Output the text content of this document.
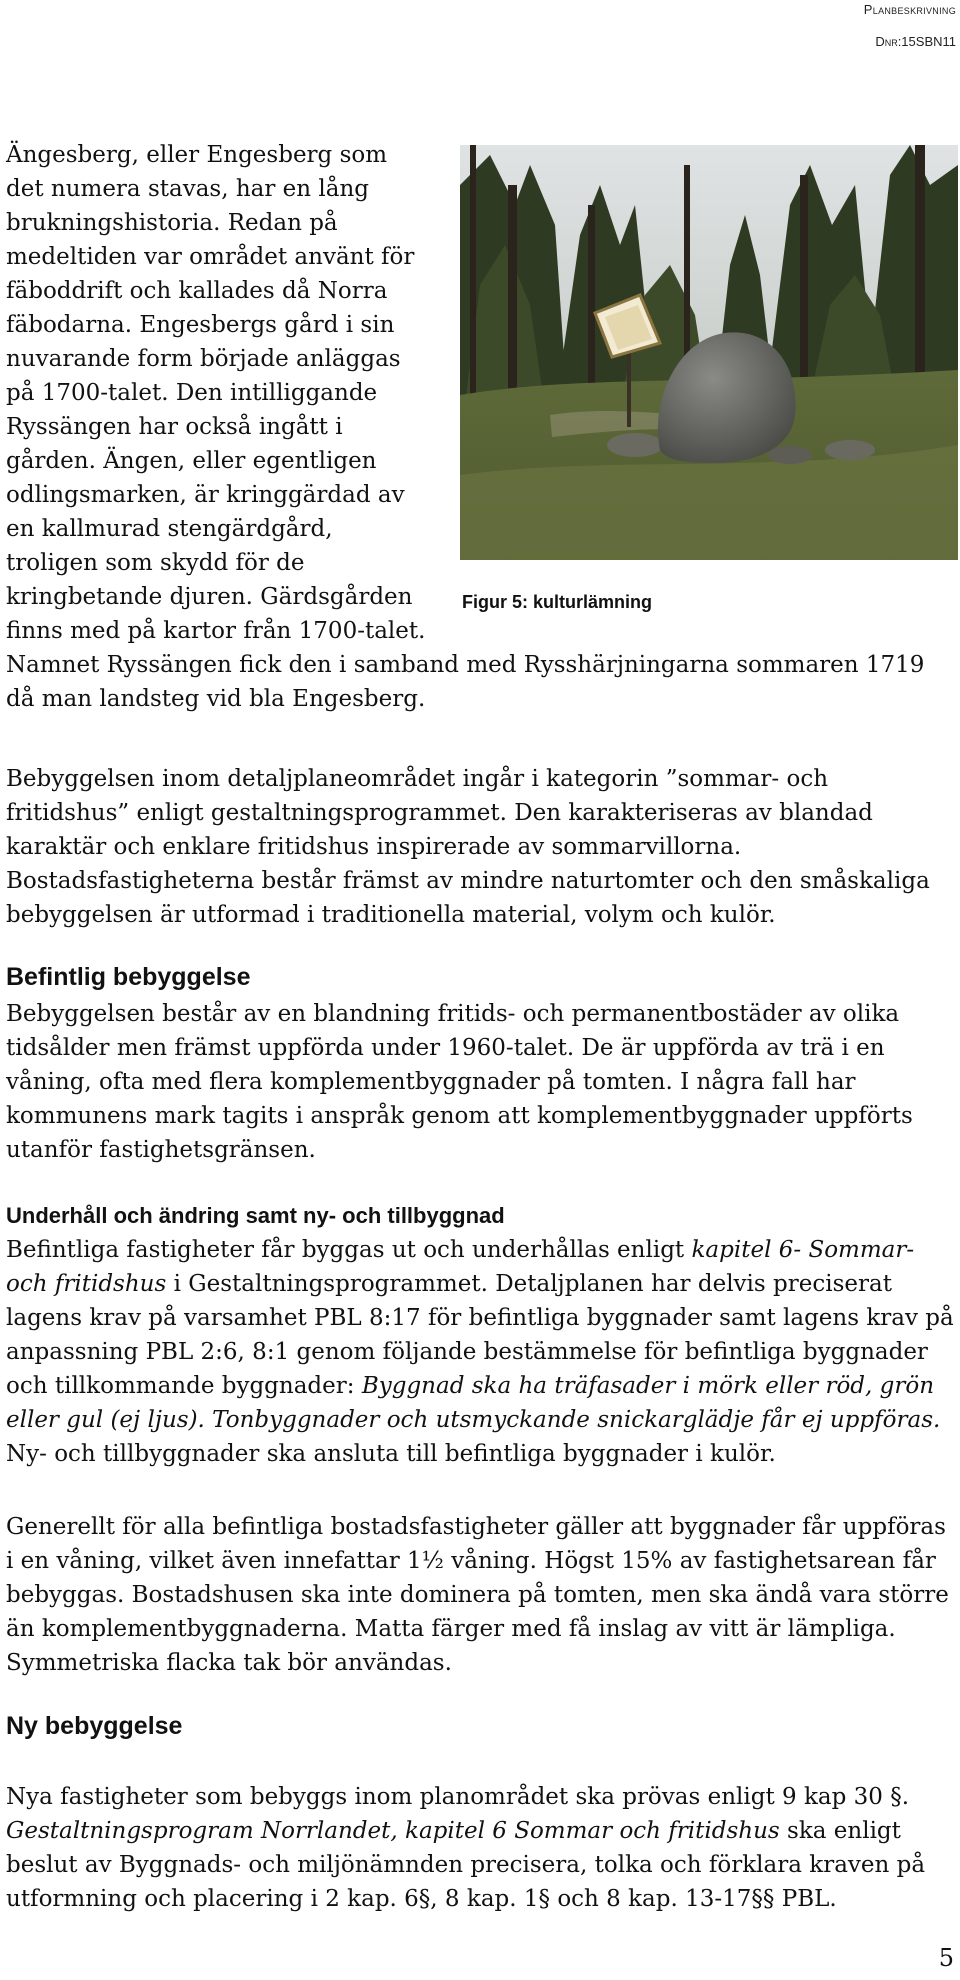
Planbeskrivning
Dnr:15SBN11
Figur 5: kulturlämning

Ängesberg, eller Engesberg som det numera stavas, har en lång brukningshistoria. Redan på medeltiden var området använt för fäboddrift och kallades då Norra fäbodarna. Engesbergs gård i sin nuvarande form började anläggas på 1700-talet. Den intilliggande Ryssängen har också ingått i gården. Ängen, eller egentligen odlingsmarken, är kringgärdad av en kallmurad stengärdgård, troligen som skydd för de kringbetande djuren. Gärdsgården finns med på kartor från 1700-talet. Namnet Ryssängen fick den i samband med Rysshärjningarna sommaren 1719 då man landsteg vid bla Engesberg.

Bebyggelsen inom detaljplaneområdet ingår i kategorin ”sommar- och fritidshus” enligt gestaltningsprogrammet. Den karakteriseras av blandad karaktär och enklare fritidshus inspirerade av sommarvillorna. Bostadsfastigheterna består främst av mindre naturtomter och den småskaliga bebyggelsen är utformad i traditionella material, volym och kulör.

Befintlig bebyggelse

Bebyggelsen består av en blandning fritids- och permanentbostäder av olika tidsålder men främst uppförda under 1960-talet. De är uppförda av trä i en våning, ofta med flera komplementbyggnader på tomten. I några fall har kommunens mark tagits i anspråk genom att komplementbyggnader uppförts utanför fastighetsgränsen.

Underhåll och ändring samt ny- och tillbyggnad

Befintliga fastigheter får byggas ut och underhållas enligt kapitel 6- Sommar- och fritidshus i Gestaltningsprogrammet. Detaljplanen har delvis preciserat lagens krav på varsamhet PBL 8:17 för befintliga byggnader samt lagens krav på anpassning PBL 2:6, 8:1 genom följande bestämmelse för befintliga byggnader och tillkommande byggnader: Byggnad ska ha träfasader i mörk eller röd, grön eller gul (ej ljus). Tonbyggnader och utsmyckande snickarglädje får ej uppföras. Ny- och tillbyggnader ska ansluta till befintliga byggnader i kulör.

Generellt för alla befintliga bostadsfastigheter gäller att byggnader får uppföras i en våning, vilket även innefattar 1½ våning. Högst 15% av fastighetsarean får bebyggas. Bostadshusen ska inte dominera på tomten, men ska ändå vara större än komplementbyggnaderna. Matta färger med få inslag av vitt är lämpliga. Symmetriska flacka tak bör användas.

Ny bebyggelse

Nya fastigheter som bebyggs inom planområdet ska prövas enligt 9 kap 30 §. Gestaltningsprogram Norrlandet, kapitel 6 Sommar och fritidshus ska enligt beslut av Byggnads- och miljönämnden precisera, tolka och förklara kraven på utformning och placering i 2 kap. 6§, 8 kap. 1§ och 8 kap. 13-17§§ PBL.

5
